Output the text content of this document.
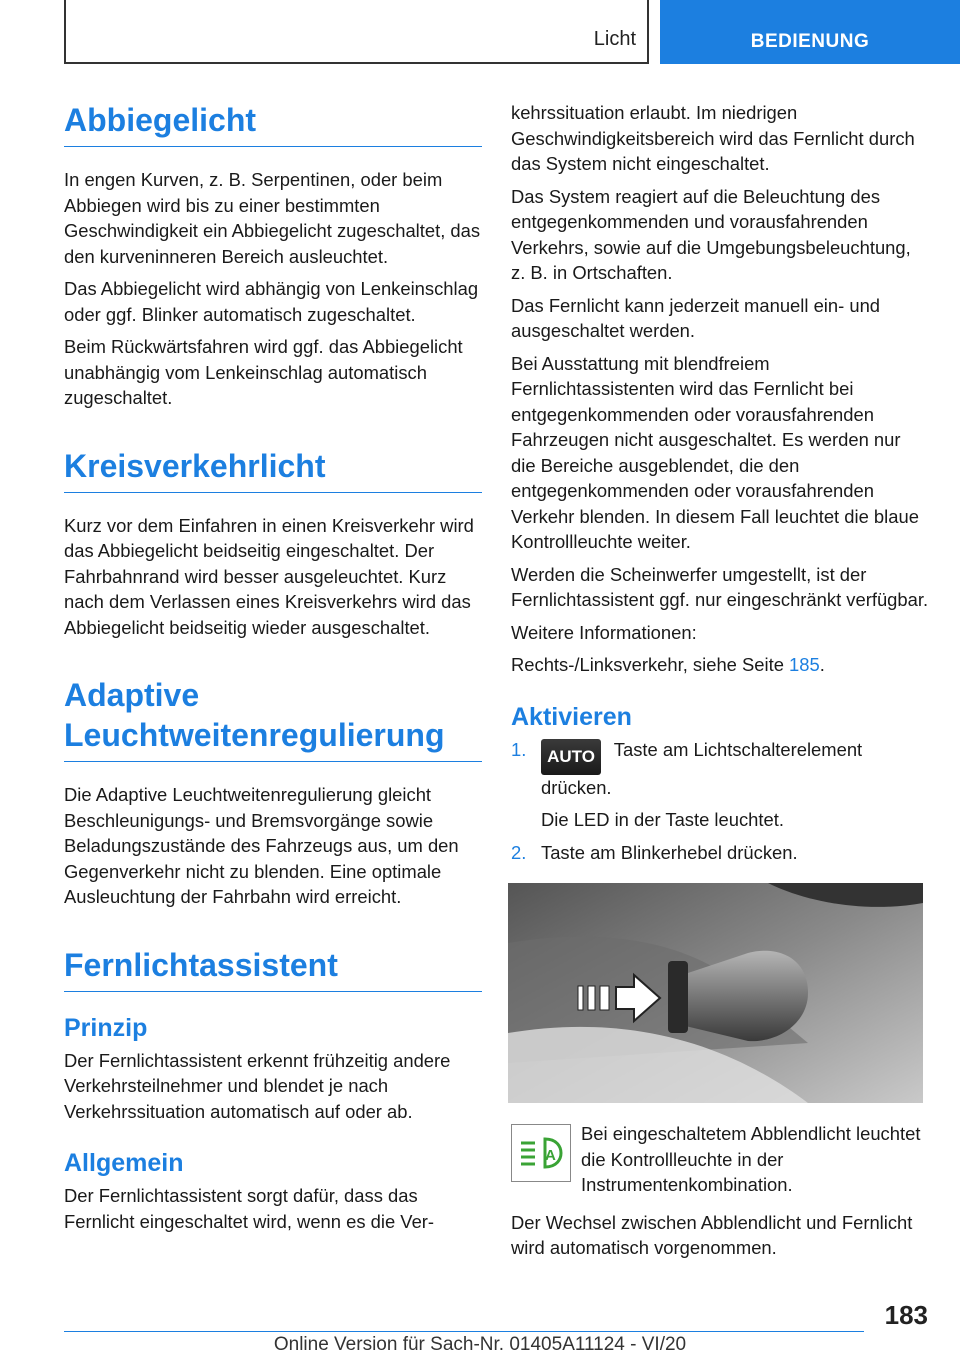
Licht	BEDIENUNG
Abbiegelicht

In engen Kurven, z. B. Serpentinen, oder beim Abbiegen wird bis zu einer bestimmten Geschwindigkeit ein Abbiegelicht zugeschaltet, das den kurveninneren Bereich ausleuchtet.

Das Abbiegelicht wird abhängig von Lenkeinschlag oder ggf. Blinker automatisch zugeschaltet.

Beim Rückwärtsfahren wird ggf. das Abbiegelicht unabhängig vom Lenkeinschlag automatisch zugeschaltet.

Kreisverkehrlicht

Kurz vor dem Einfahren in einen Kreisverkehr wird das Abbiegelicht beidseitig eingeschaltet. Der Fahrbahnrand wird besser ausgeleuchtet. Kurz nach dem Verlassen eines Kreisverkehrs wird das Abbiegelicht beidseitig wieder ausgeschaltet.

Adaptive Leuchtweitenregulierung

Die Adaptive Leuchtweitenregulierung gleicht Beschleunigungs- und Bremsvorgänge sowie Beladungszustände des Fahrzeugs aus, um den Gegenverkehr nicht zu blenden. Eine optimale Ausleuchtung der Fahrbahn wird erreicht.

Fernlichtassistent
Prinzip

Der Fernlichtassistent erkennt frühzeitig andere Verkehrsteilnehmer und blendet je nach Verkehrssituation automatisch auf oder ab.

Allgemein

Der Fernlichtassistent sorgt dafür, dass das Fernlicht eingeschaltet wird, wenn es die Ver-

kehrssituation erlaubt. Im niedrigen Geschwindigkeitsbereich wird das Fernlicht durch das System nicht eingeschaltet.

Das System reagiert auf die Beleuchtung des entgegenkommenden und vorausfahrenden Verkehrs, sowie auf die Umgebungsbeleuchtung, z. B. in Ortschaften.

Das Fernlicht kann jederzeit manuell ein- und ausgeschaltet werden.

Bei Ausstattung mit blendfreiem Fernlichtassistenten wird das Fernlicht bei entgegenkommenden oder vorausfahrenden Fahrzeugen nicht ausgeschaltet. Es werden nur die Bereiche ausgeblendet, die den entgegenkommenden oder vorausfahrenden Verkehr blenden. In diesem Fall leuchtet die blaue Kontrollleuchte weiter.

Werden die Scheinwerfer umgestellt, ist der Fernlichtassistent ggf. nur eingeschränkt verfügbar.

Weitere Informationen:

Rechts-/Linksverkehr, siehe Seite 185.

Aktivieren
1. AUTO Taste am Lichtschalterelement drücken.

Die LED in der Taste leuchtet.

2. Taste am Blinkerhebel drücken.
A
Bei eingeschaltetem Abblendlicht leuchtet die Kontrollleuchte in der Instrumentenkombination.

Der Wechsel zwischen Abblendlicht und Fernlicht wird automatisch vorgenommen.

183
Online Version für Sach-Nr. 01405A11124 - VI/20
